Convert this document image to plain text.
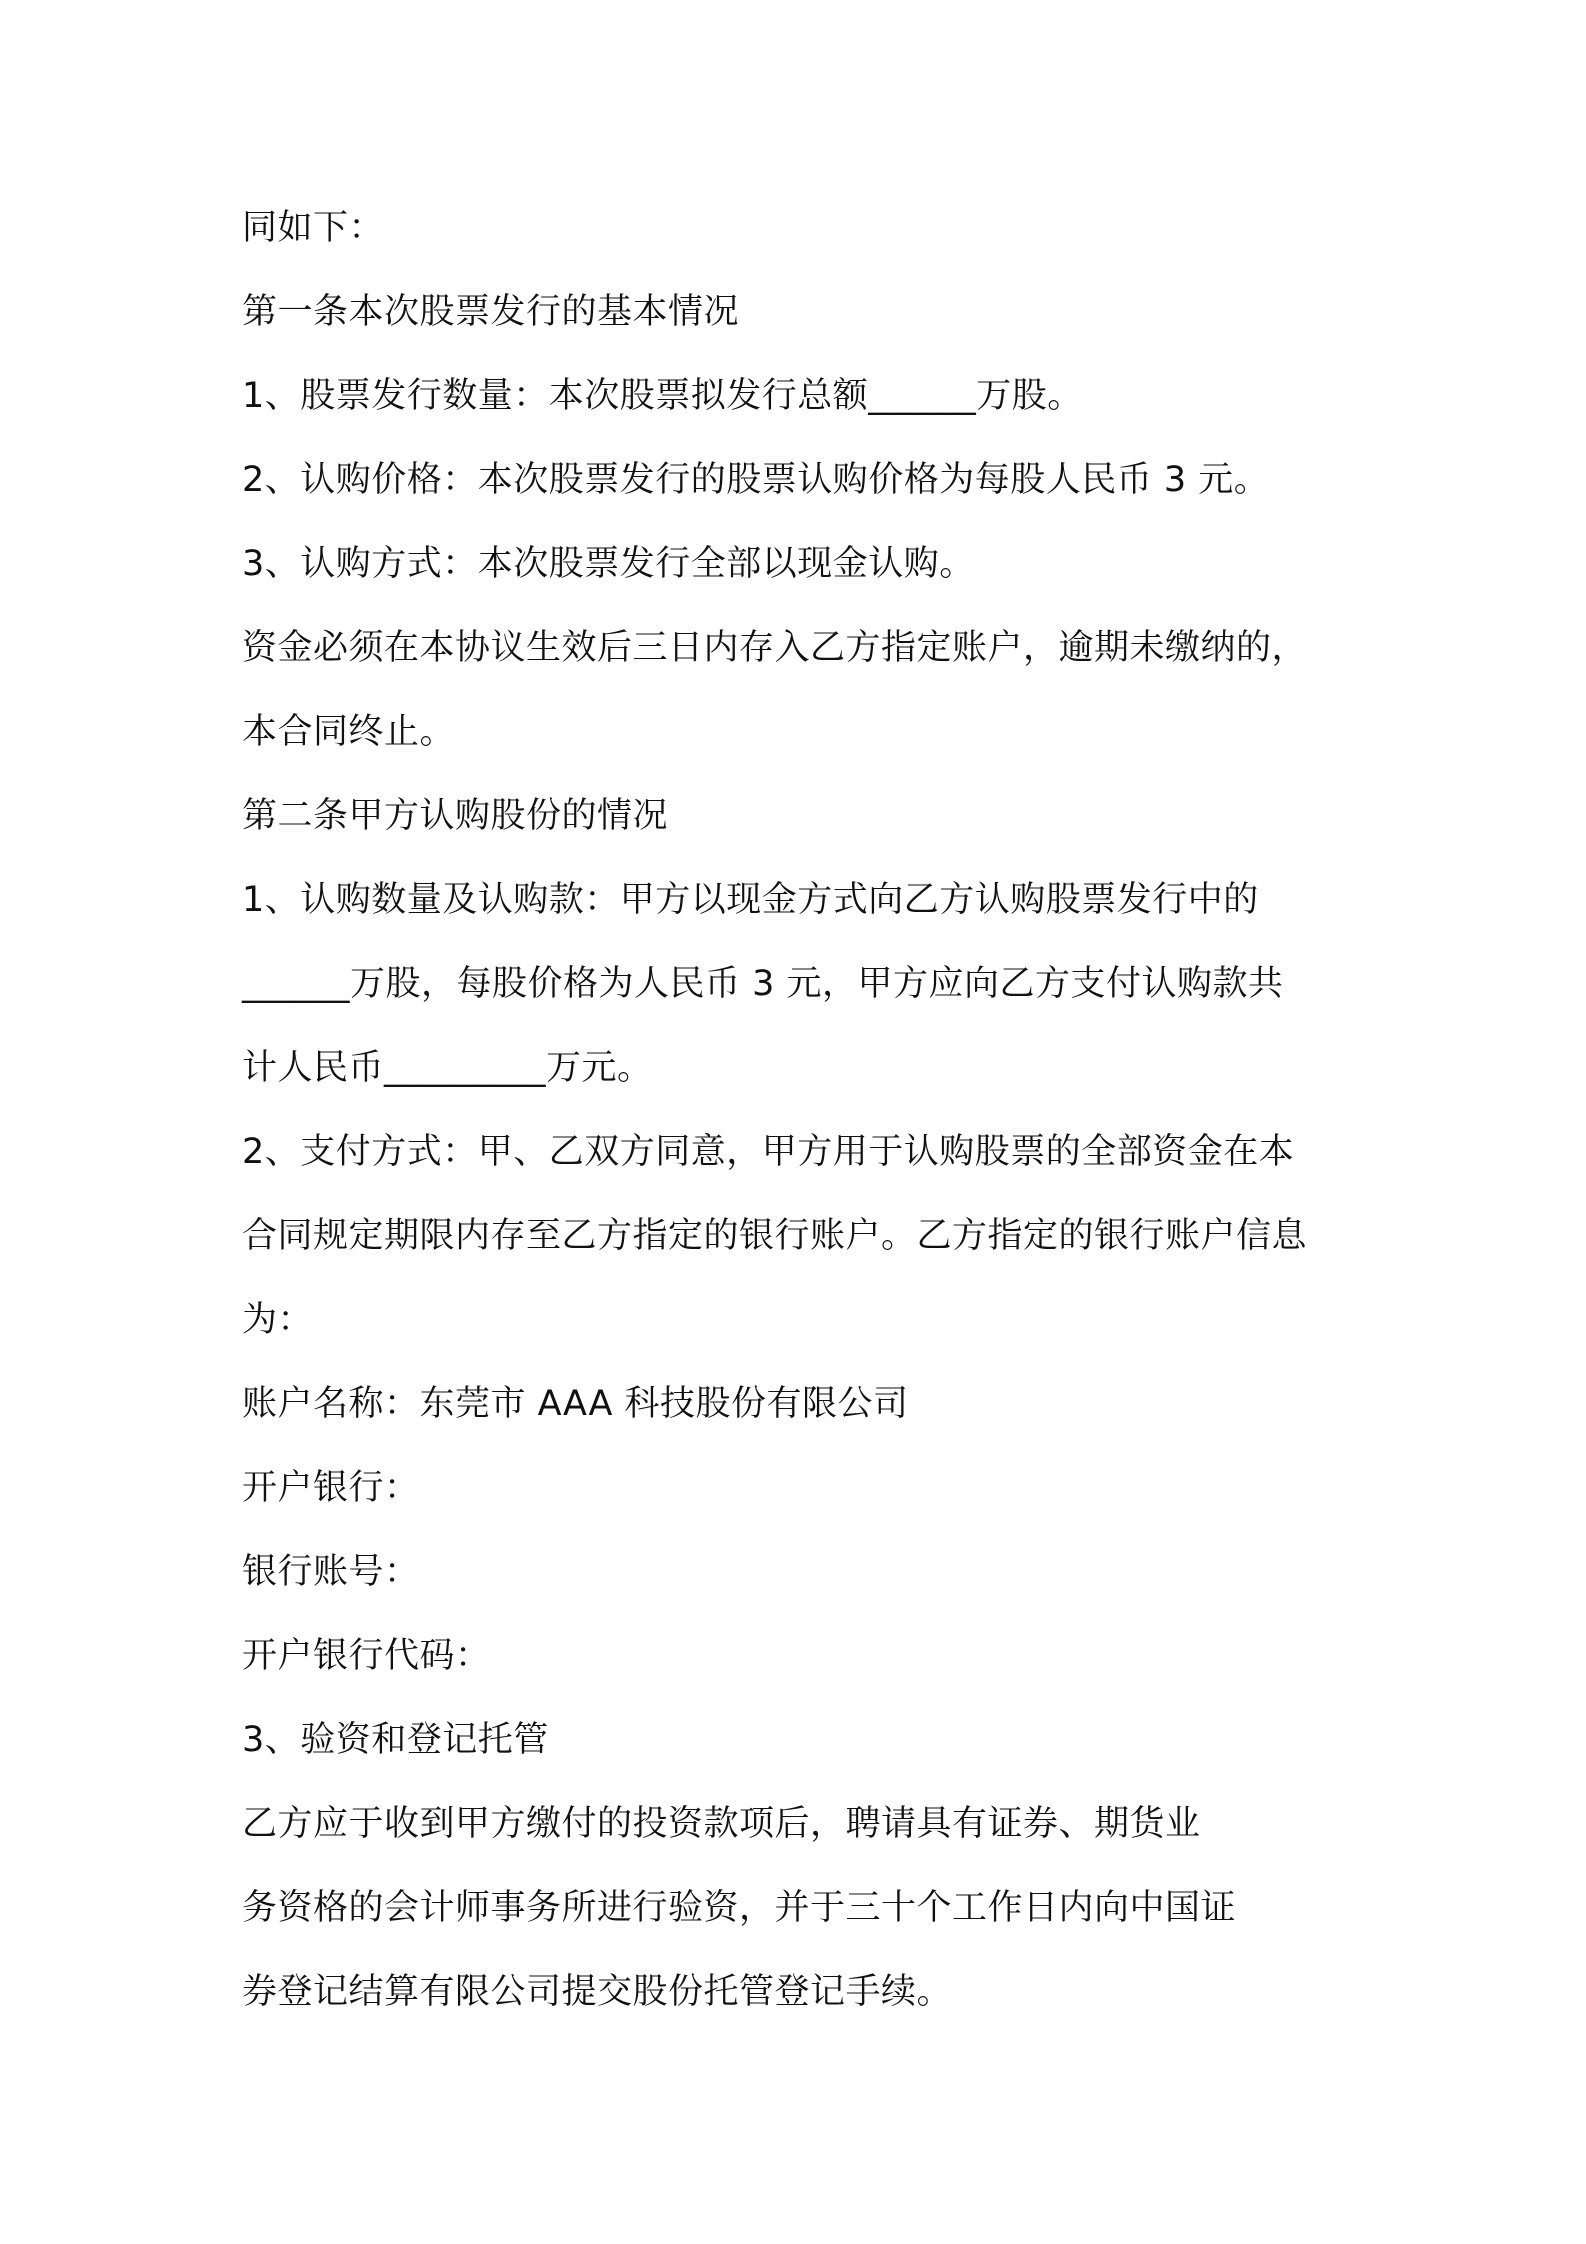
同如下：
第一条本次股票发行的基本情况
1、股票发行数量：本次股票拟发行总额______万股。
2、认购价格：本次股票发行的股票认购价格为每股人民币 3 元。
3、认购方式：本次股票发行全部以现金认购。
资金必须在本协议生效后三日内存入乙方指定账户，逾期未缴纳的，
本合同终止。
第二条甲方认购股份的情况
1、认购数量及认购款：甲方以现金方式向乙方认购股票发行中的
______万股，每股价格为人民币 3 元，甲方应向乙方支付认购款共
计人民币_________万元。
2、支付方式：甲、乙双方同意，甲方用于认购股票的全部资金在本
合同规定期限内存至乙方指定的银行账户。乙方指定的银行账户信息
为：
账户名称：东莞市 AAA 科技股份有限公司
开户银行：
银行账号：
开户银行代码：
3、验资和登记托管
乙方应于收到甲方缴付的投资款项后，聘请具有证券、期货业
务资格的会计师事务所进行验资，并于三十个工作日内向中国证
券登记结算有限公司提交股份托管登记手续。
